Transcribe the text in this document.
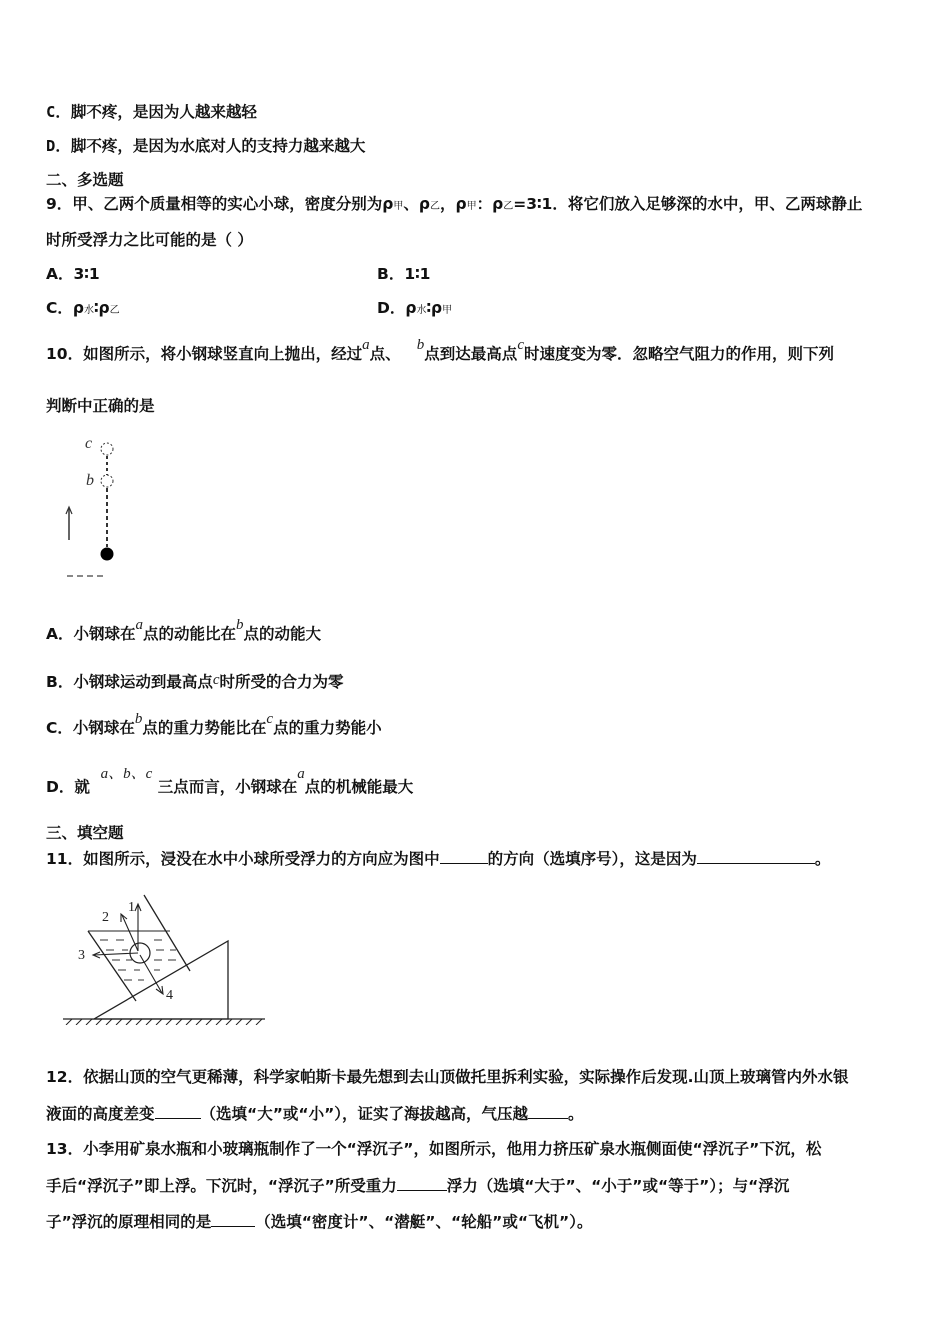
C．脚不疼，是因为人越来越轻
D．脚不疼，是因为水底对人的支持力越来越大
二、多选题
9．甲、乙两个质量相等的实心小球，密度分别为ρ甲、ρ乙，ρ甲：ρ乙=3∶1．将它们放入足够深的水中，甲、乙两球静止
时所受浮力之比可能的是（ ）
A．3∶1	B．1∶1
C．ρ水∶ρ乙	D．ρ水∶ρ甲
10．如图所示，将小钢球竖直向上抛出，经过a点、 b点到达最高点c时速度变为零．忽略空气阻力的作用，则下列
判断中正确的是
c
b
A．小钢球在a点的动能比在b点的动能大
B．小钢球运动到最高点c时所受的合力为零
C．小钢球在b点的重力势能比在c点的重力势能小
D．就  a、b、c 三点而言，小钢球在a点的机械能最大
三、填空题
11．如图所示，浸没在水中小球所受浮力的方向应为图中	的方向（选填序号），这是因为	。
1
2
3
4
12．依据山顶的空气更稀薄，科学家帕斯卡最先想到去山顶做托里拆利实验，实际操作后发现.山顶上玻璃管内外水银
液面的高度差变	（选填“大”或“小”），证实了海拔越高，气压越	。
13．小李用矿泉水瓶和小玻璃瓶制作了一个“浮沉子”，如图所示，他用力挤压矿泉水瓶侧面使“浮沉子”下沉，松
手后“浮沉子”即上浮。下沉时，“浮沉子”所受重力	浮力（选填“大于”、“小于”或“等于”）；与“浮沉
子”浮沉的原理相同的是	（选填“密度计”、“潜艇”、“轮船”或“飞机”）。
